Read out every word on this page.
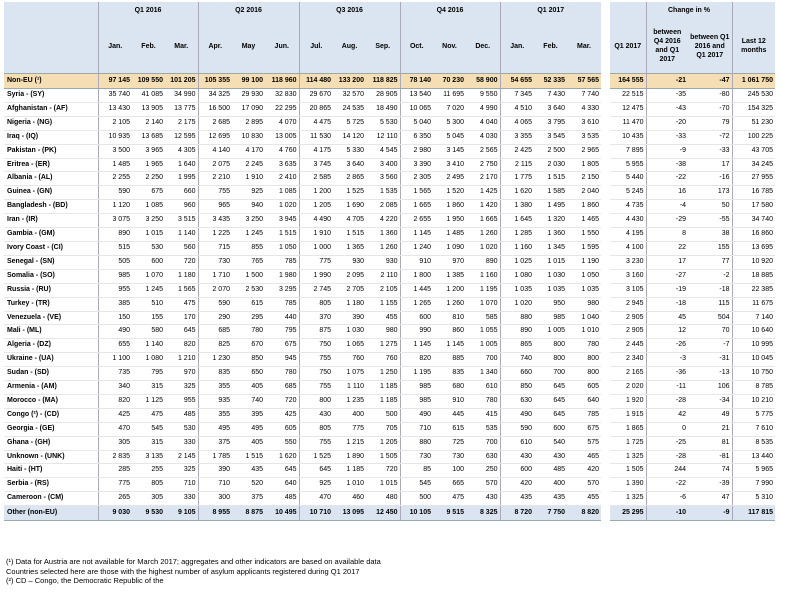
	Q1 2016			Q2 2016			Q3 2016			Q4 2016			Q1 2017					Change in %		
	Jan.	Feb.	Mar.	Apr.	May	Jun.	Jul.	Aug.	Sep.	Oct.	Nov.	Dec.	Jan.	Feb.	Mar.		Q1 2017	between Q4 2016 and Q1 2017	between Q1 2016 and Q1 2017	Last 12 months
Non-EU (¹)	97 145	109 550	101 205	105 355	99 100	118 960	114 480	133 200	118 825	78 140	70 230	58 900	54 655	52 335	57 565		164 555	-21	-47	1 061 750
Syria - (SY)	35 740	41 085	34 990	34 325	29 930	32 830	29 670	32 570	28 905	13 540	11 695	9 550	7 345	7 430	7 740		22 515	-35	-80	245 530
Afghanistan - (AF)	13 430	13 905	13 775	16 500	17 090	22 295	20 865	24 535	18 490	10 065	7 020	4 990	4 510	3 640	4 330		12 475	-43	-70	154 325
Nigeria - (NG)	2 105	2 140	2 175	2 685	2 895	4 070	4 475	5 725	5 530	5 040	5 300	4 040	4 065	3 795	3 610		11 470	-20	79	51 230
Iraq - (IQ)	10 935	13 685	12 595	12 695	10 830	13 005	11 530	14 120	12 110	6 350	5 045	4 030	3 355	3 545	3 535		10 435	-33	-72	100 225
Pakistan - (PK)	3 500	3 965	4 305	4 140	4 170	4 760	4 175	5 330	4 545	2 980	3 145	2 565	2 425	2 500	2 965		7 895	-9	-33	43 705
Eritrea - (ER)	1 485	1 965	1 640	2 075	2 245	3 635	3 745	3 640	3 400	3 390	3 410	2 750	2 115	2 030	1 805		5 955	-38	17	34 245
Albania - (AL)	2 255	2 250	1 995	2 210	1 910	2 410	2 585	2 865	3 560	2 305	2 495	2 170	1 775	1 515	2 150		5 440	-22	-16	27 955
Guinea - (GN)	590	675	660	755	925	1 085	1 200	1 525	1 535	1 565	1 520	1 425	1 620	1 585	2 040		5 245	16	173	16 785
Bangladesh - (BD)	1 120	1 085	960	965	940	1 020	1 205	1 690	2 085	1 665	1 860	1 420	1 380	1 495	1 860		4 735	-4	50	17 580
Iran - (IR)	3 075	3 250	3 515	3 435	3 250	3 945	4 490	4 705	4 220	2 655	1 950	1 665	1 645	1 320	1 465		4 430	-29	-55	34 740
Gambia - (GM)	890	1 015	1 140	1 225	1 245	1 515	1 910	1 515	1 360	1 145	1 485	1 260	1 285	1 360	1 550		4 195	8	38	16 860
Ivory Coast - (CI)	515	530	560	715	855	1 050	1 000	1 365	1 260	1 240	1 090	1 020	1 160	1 345	1 595		4 100	22	155	13 695
Senegal - (SN)	505	600	720	730	765	785	775	930	930	910	970	890	1 025	1 015	1 190		3 230	17	77	10 920
Somalia - (SO)	985	1 070	1 180	1 710	1 500	1 980	1 990	2 095	2 110	1 800	1 385	1 160	1 080	1 030	1 050		3 160	-27	-2	18 885
Russia - (RU)	955	1 245	1 565	2 070	2 530	3 295	2 745	2 705	2 105	1 445	1 200	1 195	1 035	1 035	1 035		3 105	-19	-18	22 385
Turkey - (TR)	385	510	475	590	615	785	805	1 180	1 155	1 265	1 260	1 070	1 020	950	980		2 945	-18	115	11 675
Venezuela - (VE)	150	155	170	290	295	440	370	390	455	600	810	585	880	985	1 040		2 905	45	504	7 140
Mali - (ML)	490	580	645	685	780	795	875	1 030	980	990	860	1 055	890	1 005	1 010		2 905	12	70	10 640
Algeria - (DZ)	655	1 140	820	825	670	675	750	1 065	1 275	1 145	1 145	1 005	865	800	780		2 445	-26	-7	10 995
Ukraine - (UA)	1 100	1 080	1 210	1 230	850	945	755	760	760	820	885	700	740	800	800		2 340	-3	-31	10 045
Sudan - (SD)	735	795	970	835	650	780	750	1 075	1 250	1 195	835	1 340	660	700	800		2 165	-36	-13	10 750
Armenia - (AM)	340	315	325	355	405	685	755	1 110	1 185	985	680	610	850	645	605		2 020	-11	106	8 785
Morocco - (MA)	820	1 125	955	935	740	720	800	1 235	1 185	985	910	780	630	645	640		1 920	-28	-34	10 210
Congo (²) - (CD)	425	475	485	355	395	425	430	400	500	490	445	415	490	645	785		1 915	42	49	5 775
Georgia - (GE)	470	545	530	495	495	605	805	775	705	710	615	535	590	600	675		1 865	0	21	7 610
Ghana - (GH)	305	315	330	375	405	550	755	1 215	1 205	880	725	700	610	540	575		1 725	-25	81	8 535
Unknown - (UNK)	2 835	3 135	2 145	1 785	1 515	1 620	1 525	1 890	1 505	730	730	630	430	430	465		1 325	-28	-81	13 440
Haiti - (HT)	285	255	325	390	435	645	645	1 185	720	85	100	250	600	485	420		1 505	244	74	5 965
Serbia - (RS)	775	805	710	710	520	640	925	1 010	1 015	545	665	570	420	400	570		1 390	-22	-39	7 990
Cameroon - (CM)	265	305	330	300	375	485	470	460	480	500	475	430	435	435	455		1 325	-6	47	5 310
Other (non-EU)	9 030	9 530	9 105	8 955	8 875	10 495	10 710	13 095	12 450	10 105	9 515	8 325	8 720	7 750	8 820		25 295	-10	-9	117 815
(¹) Data for Austria are not available for March 2017; aggregates and other indicators are based on available data
Countries selected here are those with the highest number of asylum applicants registered during Q1 2017
(²) CD – Congo, the Democratic Republic of the
